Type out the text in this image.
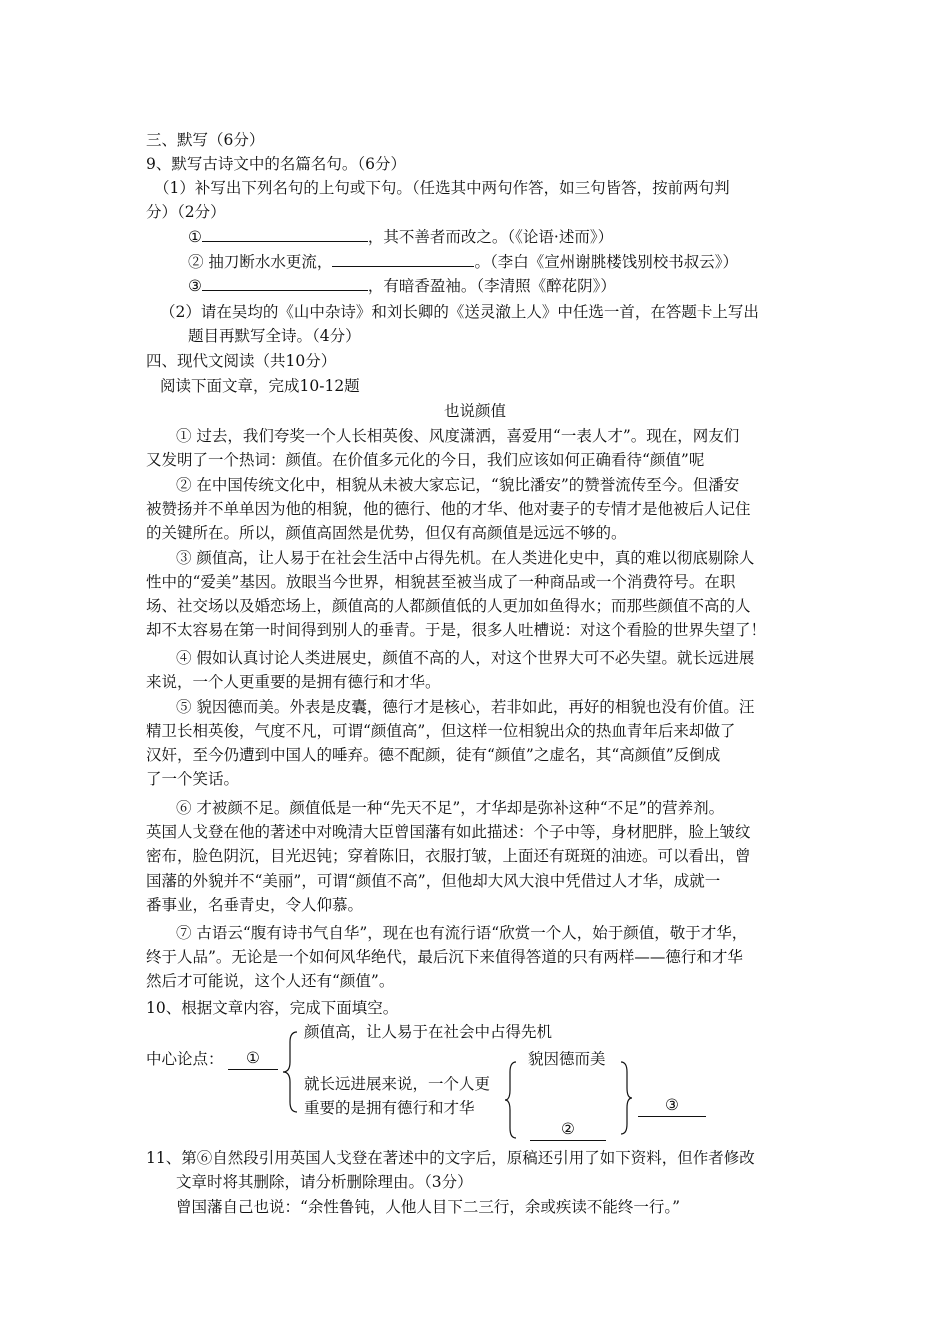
三、默写（6分）
9、默写古诗文中的名篇名句。（6分）
（1）补写出下列名句的上句或下句。（任选其中两句作答，如三句皆答，按前两句判
分）（2分）
①	，其不善者而改之。（《论语·述而》）
② 抽刀断水水更流，	。（李白《宣州谢朓楼饯别校书叔云》）
③	，有暗香盈袖。（李清照《醉花阴》）
（2）请在吴均的《山中杂诗》和刘长卿的《送灵澈上人》中任选一首，在答题卡上写出
题目再默写全诗。（4分）
四、现代文阅读（共10分）
阅读下面文章，完成10-12题
也说颜值
① 过去，我们夸奖一个人长相英俊、风度潇洒，喜爱用“一表人才”。现在，网友们
又发明了一个热词：颜值。在价值多元化的今日，我们应该如何正确看待“颜值”呢
② 在中国传统文化中，相貌从未被大家忘记，“貌比潘安”的赞誉流传至今。但潘安
被赞扬并不单单因为他的相貌，他的德行、他的才华、他对妻子的专情才是他被后人记住
的关键所在。所以，颜值高固然是优势，但仅有高颜值是远远不够的。
③ 颜值高，让人易于在社会生活中占得先机。在人类进化史中，真的难以彻底剔除人
性中的“爱美”基因。放眼当今世界，相貌甚至被当成了一种商品或一个消费符号。在职
场、社交场以及婚恋场上，颜值高的人都颜值低的人更加如鱼得水；而那些颜值不高的人
却不太容易在第一时间得到别人的垂青。于是，很多人吐槽说：对这个看脸的世界失望了！
④ 假如认真讨论人类进展史，颜值不高的人，对这个世界大可不必失望。就长远进展
来说，一个人更重要的是拥有德行和才华。
⑤ 貌因德而美。外表是皮囊，德行才是核心，若非如此，再好的相貌也没有价值。汪
精卫长相英俊，气度不凡，可谓“颜值高”，但这样一位相貌出众的热血青年后来却做了
汉奸，至今仍遭到中国人的唾弃。德不配颜，徒有“颜值”之虚名，其“高颜值”反倒成
了一个笑话。
⑥ 才被颜不足。颜值低是一种“先天不足”，才华却是弥补这种“不足”的营养剂。
英国人戈登在他的著述中对晚清大臣曾国藩有如此描述：个子中等，身材肥胖，脸上皱纹
密布，脸色阴沉，目光迟钝；穿着陈旧，衣服打皱，上面还有斑斑的油迹。可以看出，曾
国藩的外貌并不“美丽”，可谓“颜值不高”，但他却大风大浪中凭借过人才华，成就一
番事业，名垂青史，令人仰慕。
⑦ 古语云“腹有诗书气自华”，现在也有流行语“欣赏一个人，始于颜值，敬于才华，
终于人品”。无论是一个如何风华绝代，最后沉下来值得答道的只有两样——德行和才华
然后才可能说，这个人还有“颜值”。
10、根据文章内容，完成下面填空。
中心论点：	①
颜值高，让人易于在社会中占得先机
就长远进展来说，一个人更
重要的是拥有德行和才华
貌因德而美
②
③
11、第⑥自然段引用英国人戈登在著述中的文字后，原稿还引用了如下资料，但作者修改
文章时将其删除，请分析删除理由。（3分）
曾国藩自己也说：“余性鲁钝，人他人目下二三行，余或疾读不能终一行。”
